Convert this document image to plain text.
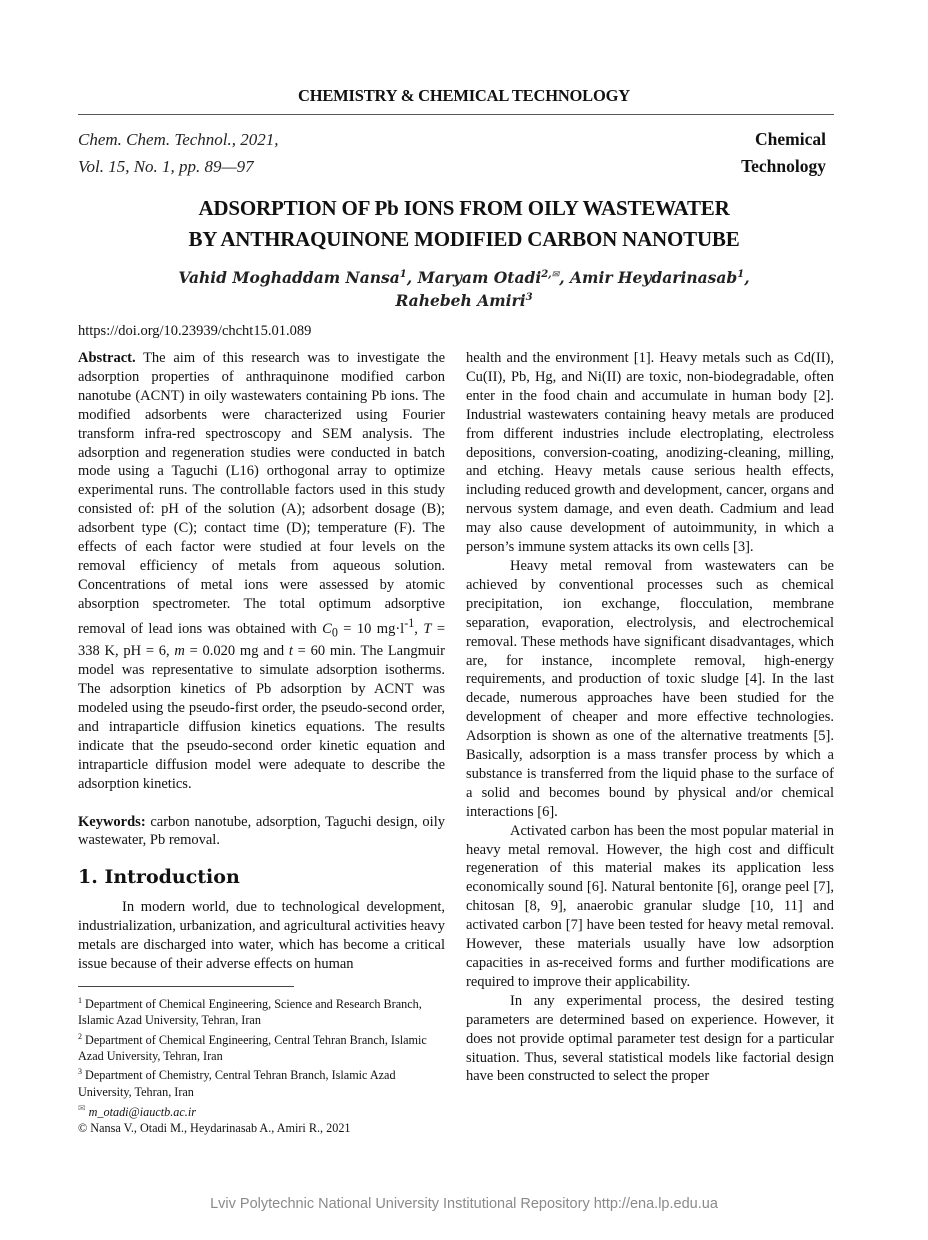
CHEMISTRY & CHEMICAL TECHNOLOGY
Chem. Chem. Technol., 2021,
Vol. 15, No. 1, pp. 89—97
Chemical
Technology
ADSORPTION OF Pb IONS FROM OILY WASTEWATER
BY ANTHRAQUINONE MODIFIED CARBON NANOTUBE
Vahid Moghaddam Nansa$^1$, Maryam Otadi$^{2,✉}$, Amir Heydarinasab$^1$,
Rahebeh Amiri$^3$
https://doi.org/10.23939/chcht15.01.089

Abstract. The aim of this research was to investigate the adsorption properties of anthraquinone modified carbon nanotube (ACNT) in oily wastewaters containing Pb ions. The modified adsorbents were characterized using Fourier transform infra-red spectroscopy and SEM analysis. The adsorption and regeneration studies were conducted in batch mode using a Taguchi (L16) orthogonal array to optimize experimental runs. The controllable factors used in this study consisted of: pH of the solution (A); adsorbent dosage (B); adsorbent type (C); contact time (D); temperature (F). The effects of each factor were studied at four levels on the removal efficiency of metals from aqueous solution. Concentrations of metal ions were assessed by atomic absorption spectrometer. The total optimum adsorptive removal of lead ions was obtained with $C_0 = 10$ $mg\cdot l^{-1}$, T = 338 K, pH = 6, m = 0.020 mg and t = 60 min. The Langmuir model was representative to simulate adsorption isotherms. The adsorption kinetics of Pb adsorption by ACNT was modeled using the pseudo-first order, the pseudo-second order, and intraparticle diffusion kinetics equations. The results indicate that the pseudo-second order kinetic equation and intraparticle diffusion model were adequate to describe the adsorption kinetics.

Keywords: carbon nanotube, adsorption, Taguchi design, oily wastewater, Pb removal.

1. Introduction

In modern world, due to technological development, industrialization, urbanization, and agricultural activities heavy metals are discharged into water, which has become a critical issue because of their adverse effects on human

$^1$ Department of Chemical Engineering, Science and Research Branch, Islamic Azad University, Tehran, Iran

$^2$ Department of Chemical Engineering, Central Tehran Branch, Islamic Azad University, Tehran, Iran

$^3$ Department of Chemistry, Central Tehran Branch, Islamic Azad University, Tehran, Iran

✉ m_otadi@iauctb.ac.ir

© Nansa V., Otadi M., Heydarinasab A., Amiri R., 2021

health and the environment [1]. Heavy metals such as Cd(II), Cu(II), Pb, Hg, and Ni(II) are toxic, non-biodegradable, often enter in the food chain and accumulate in human body [2]. Industrial wastewaters containing heavy metals are produced from different industries include electroplating, electroless depositions, conversion-coating, anodizing-cleaning, milling, and etching. Heavy metals cause serious health effects, including reduced growth and development, cancer, organs and nervous system damage, and even death. Cadmium and lead may also cause development of autoimmunity, in which a person’s immune system attacks its own cells [3].

Heavy metal removal from wastewaters can be achieved by conventional processes such as chemical precipitation, ion exchange, flocculation, membrane separation, evaporation, electrolysis, and electrochemical removal. These methods have significant disadvantages, which are, for instance, incomplete removal, high-energy requirements, and production of toxic sludge [4]. In the last decade, numerous approaches have been studied for the development of cheaper and more effective technologies. Adsorption is shown as one of the alternative treatments [5]. Basically, adsorption is a mass transfer process by which a substance is transferred from the liquid phase to the surface of a solid and becomes bound by physical and/or chemical interactions [6].

Activated carbon has been the most popular material in heavy metal removal. However, the high cost and difficult regeneration of this material makes its application less economically sound [6]. Natural bentonite [6], orange peel [7], chitosan [8, 9], anaerobic granular sludge [10, 11] and activated carbon [7] have been tested for heavy metal removal. However, these materials usually have low adsorption capacities in as-received forms and further modifications are required to improve their applicability.

In any experimental process, the desired testing parameters are determined based on experience. However, it does not provide optimal parameter test design for a particular situation. Thus, several statistical models like factorial design have been constructed to select the proper

Lviv Polytechnic National University Institutional Repository http://ena.lp.edu.ua
